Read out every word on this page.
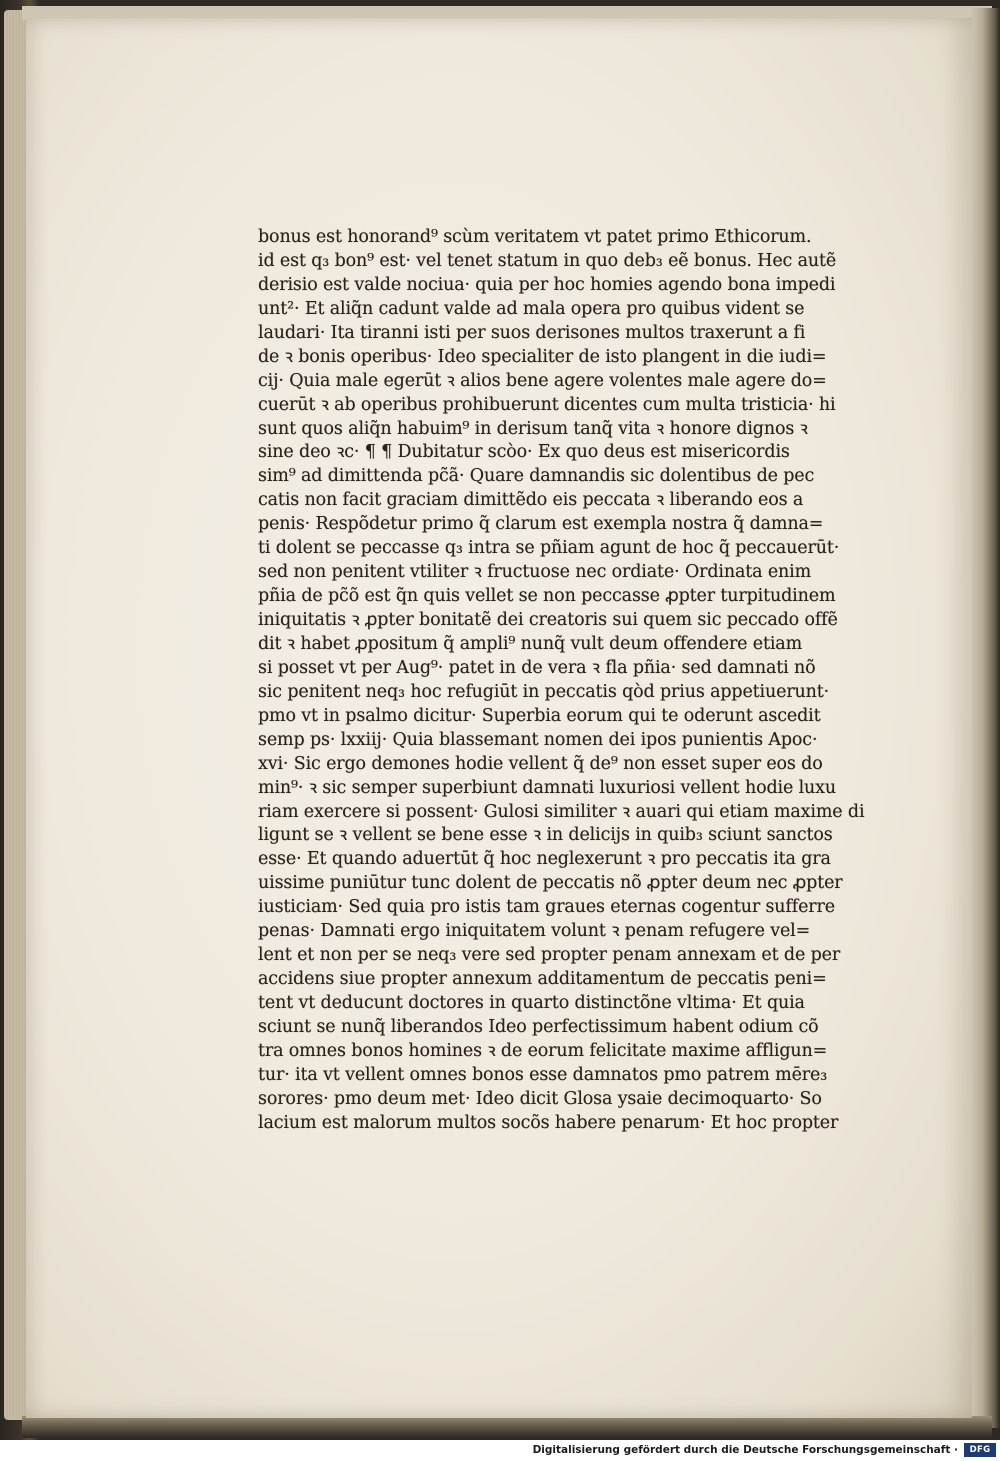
bonus est honorand⁹ scùm veritatem vt patet primo Ethicorum.

id est q₃ bon⁹ est· vel tenet statum in quo deb₃ eẽ bonus. Hec autẽ

derisio est valde nociua· quia per hoc homies agendo bona impedi

unt²· Et aliq̃n cadunt valde ad mala opera pro quibus vident se

laudari· Ita tiranni isti per suos derisones multos traxerunt a fi

de ꝛ bonis operibus· Ideo specialiter de isto plangent in die iudi=

cij· Quia male egerūt ꝛ alios bene agere volentes male agere do=

cuerūt ꝛ ab operibus prohibuerunt dicentes cum multa tristicia· hi

sunt quos aliq̃n habuim⁹ in derisum tanq̃ vita ꝛ honore dignos ꝛ

sine deo ꝛc· ¶ ¶ Dubitatur scòo· Ex quo deus est misericordis

sim⁹ ad dimittenda pc̃ã· Quare damnandis sic dolentibus de pec

catis non facit graciam dimittẽdo eis peccata ꝛ liberando eos a

penis· Respõdetur primo q̃ clarum est exempla nostra q̃ damna=

ti dolent se peccasse q₃ intra se pñiam agunt de hoc q̃ peccauerūt·

sed non penitent vtiliter ꝛ fructuose nec ordiate· Ordinata enim

pñia de pc̃õ est q̃n quis vellet se non peccasse ꝓpter turpitudinem

iniquitatis ꝛ ꝓpter bonitatẽ dei creatoris sui quem sic peccado offẽ

dit ꝛ habet ꝓpositum q̃ ampli⁹ nunq̃ vult deum offendere etiam

si posset vt per Aug⁹· patet in de vera ꝛ fla pñia· sed damnati nõ

sic penitent neq₃ hoc refugiūt in peccatis qòd prius appetiuerunt·

pmo vt in psalmo dicitur· Superbia eorum qui te oderunt ascedit

semp ps· lxxiij· Quia blassemant nomen dei ipos punientis Apoc·

xvi· Sic ergo demones hodie vellent q̃ de⁹ non esset super eos do

min⁹· ꝛ sic semper superbiunt damnati luxuriosi vellent hodie luxu

riam exercere si possent· Gulosi similiter ꝛ auari qui etiam maxime di

ligunt se ꝛ vellent se bene esse ꝛ in delicijs in quib₃ sciunt sanctos

esse· Et quando aduertūt q̃ hoc neglexerunt ꝛ pro peccatis ita gra

uissime puniūtur tunc dolent de peccatis nõ ꝓpter deum nec ꝓpter

iusticiam· Sed quia pro istis tam graues eternas cogentur sufferre

penas· Damnati ergo iniquitatem volunt ꝛ penam refugere vel=

lent et non per se neq₃ vere sed propter penam annexam et de per

accidens siue propter annexum additamentum de peccatis peni=

tent vt deducunt doctores in quarto distinctõne vltima· Et quia

sciunt se nunq̃ liberandos Ideo perfectissimum habent odium cõ

tra omnes bonos homines ꝛ de eorum felicitate maxime affligun=

tur· ita vt vellent omnes bonos esse damnatos pmo patrem mēre₃

sorores· pmo deum met· Ideo dicit Glosa ysaie decimoquarto· So

lacium est malorum multos socõs habere penarum· Et hoc propter

Digitalisierung gefördert durch die Deutsche Forschungsgemeinschaft ·	DFG
